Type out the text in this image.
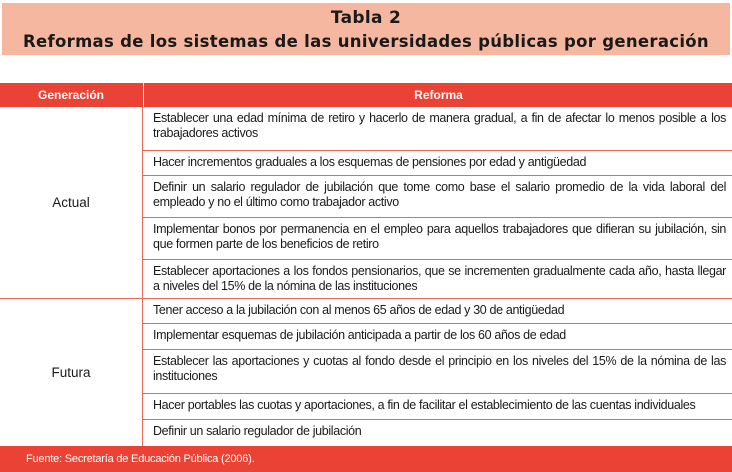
Tabla 2
Reformas de los sistemas de las universidades públicas por generación
Generación	Reforma
Actual
Establecer una edad mínima de retiro y hacerlo de manera gradual, a fin de afectar lo menos posible a los trabajadores activos
Hacer incrementos graduales a los esquemas de pensiones por edad y antigüedad
Definir un salario regulador de jubilación que tome como base el salario promedio de la vida laboral del empleado y no el último como trabajador activo
Implementar bonos por permanencia en el empleo para aquellos trabajadores que difieran su jubilación, sin que formen parte de los beneficios de retiro
Establecer aportaciones a los fondos pensionarios, que se incrementen gradualmente cada año, hasta llegar a niveles del 15% de la nómina de las instituciones
Futura
Tener acceso a la jubilación con al menos 65 años de edad y 30 de antigüedad
Implementar esquemas de jubilación anticipada a partir de los 60 años de edad
Establecer las aportaciones y cuotas al fondo desde el principio en los niveles del 15% de la nómina de las instituciones
Hacer portables las cuotas y aportaciones, a fin de facilitar el establecimiento de las cuentas individuales
Definir un salario regulador de jubilación
Fuente: Secretaría de Educación Pública (2006).
